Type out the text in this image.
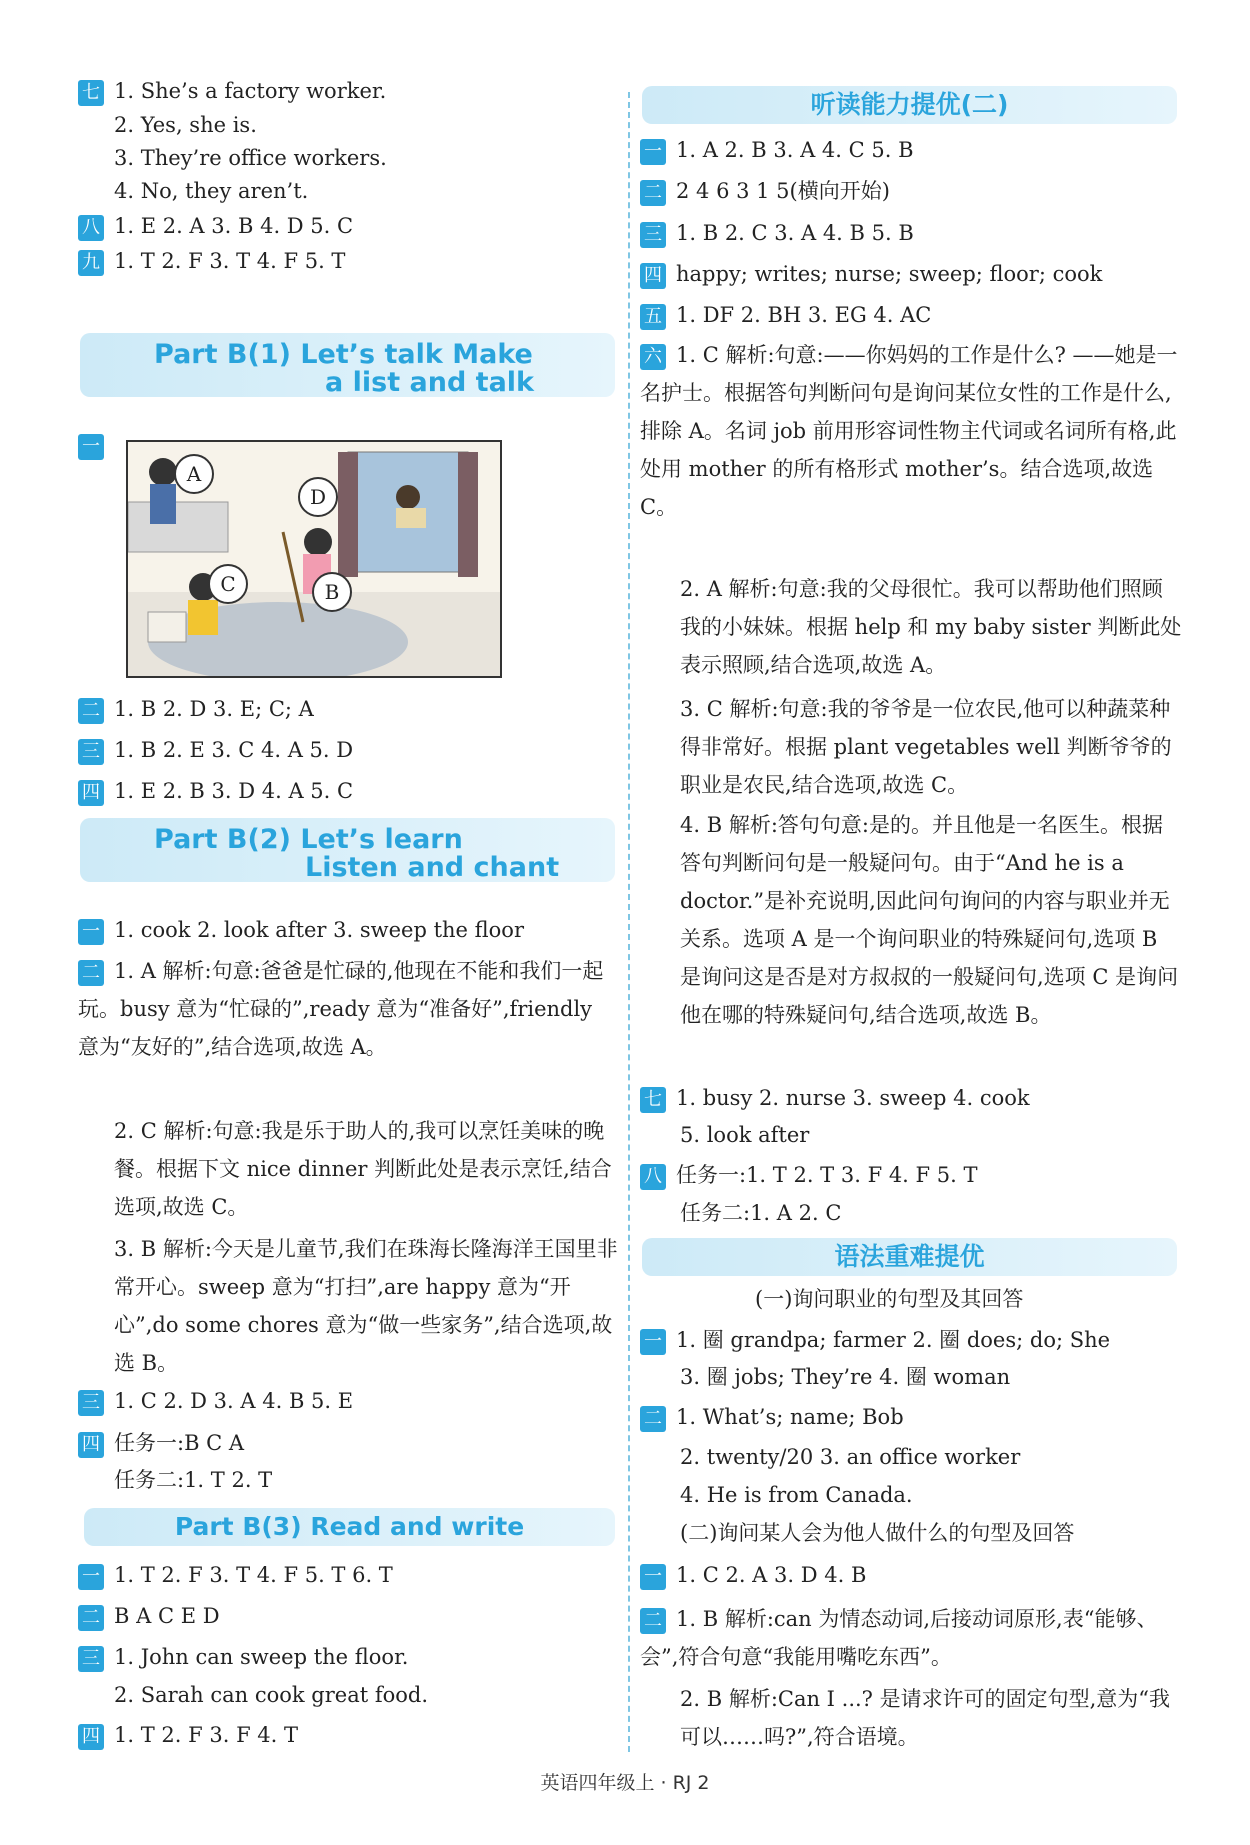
七 1. She’s a factory worker.
2. Yes, she is.
3. They’re office workers.
4. No, they aren’t.
八 1. E 2. A 3. B 4. D 5. C
九 1. T 2. F 3. T 4. F 5. T
Part B(1) Let’s talk Make
a list and talk
一
A
B
C
D
二 1. B 2. D 3. E; C; A
三 1. B 2. E 3. C 4. A 5. D
四 1. E 2. B 3. D 4. A 5. C
Part B(2) Let’s learn
Listen and chant
一 1. cook 2. look after 3. sweep the floor
二 1. A 解析:句意:爸爸是忙碌的,他现在不能和我们一起玩。busy 意为“忙碌的”,ready 意为“准备好”,friendly 意为“友好的”,结合选项,故选 A。
2. C 解析:句意:我是乐于助人的,我可以烹饪美味的晚餐。根据下文 nice dinner 判断此处是表示烹饪,结合选项,故选 C。
3. B 解析:今天是儿童节,我们在珠海长隆海洋王国里非常开心。sweep 意为“打扫”,are happy 意为“开心”,do some chores 意为“做一些家务”,结合选项,故选 B。
三 1. C 2. D 3. A 4. B 5. E
四 任务一:B C A
任务二:1. T 2. T
Part B(3) Read and write
一 1. T 2. F 3. T 4. F 5. T 6. T
二 B A C E D
三 1. John can sweep the floor.
2. Sarah can cook great food.
四 1. T 2. F 3. F 4. T
听读能力提优(二)
一 1. A 2. B 3. A 4. C 5. B
二 2 4 6 3 1 5(横向开始)
三 1. B 2. C 3. A 4. B 5. B
四 happy; writes; nurse; sweep; floor; cook
五 1. DF 2. BH 3. EG 4. AC
六 1. C 解析:句意:——你妈妈的工作是什么? ——她是一名护士。根据答句判断问句是询问某位女性的工作是什么,排除 A。名词 job 前用形容词性物主代词或名词所有格,此处用 mother 的所有格形式 mother’s。结合选项,故选 C。
2. A 解析:句意:我的父母很忙。我可以帮助他们照顾我的小妹妹。根据 help 和 my baby sister 判断此处表示照顾,结合选项,故选 A。
3. C 解析:句意:我的爷爷是一位农民,他可以种蔬菜种得非常好。根据 plant vegetables well 判断爷爷的职业是农民,结合选项,故选 C。
4. B 解析:答句句意:是的。并且他是一名医生。根据答句判断问句是一般疑问句。由于“And he is a doctor.”是补充说明,因此问句询问的内容与职业并无关系。选项 A 是一个询问职业的特殊疑问句,选项 B 是询问这是否是对方叔叔的一般疑问句,选项 C 是询问他在哪的特殊疑问句,结合选项,故选 B。
七 1. busy 2. nurse 3. sweep 4. cook
5. look after
八 任务一:1. T 2. T 3. F 4. F 5. T
任务二:1. A 2. C
语法重难提优
(一)询问职业的句型及其回答
一 1. 圈 grandpa; farmer 2. 圈 does; do; She
3. 圈 jobs; They’re 4. 圈 woman
二 1. What’s; name; Bob
2. twenty/20 3. an office worker
4. He is from Canada.
(二)询问某人会为他人做什么的句型及回答
一 1. C 2. A 3. D 4. B
二 1. B 解析:can 为情态动词,后接动词原形,表“能够、会”,符合句意“我能用嘴吃东西”。
2. B 解析:Can I ...? 是请求许可的固定句型,意为“我可以……吗?”,符合语境。
英语四年级上 · RJ 2
